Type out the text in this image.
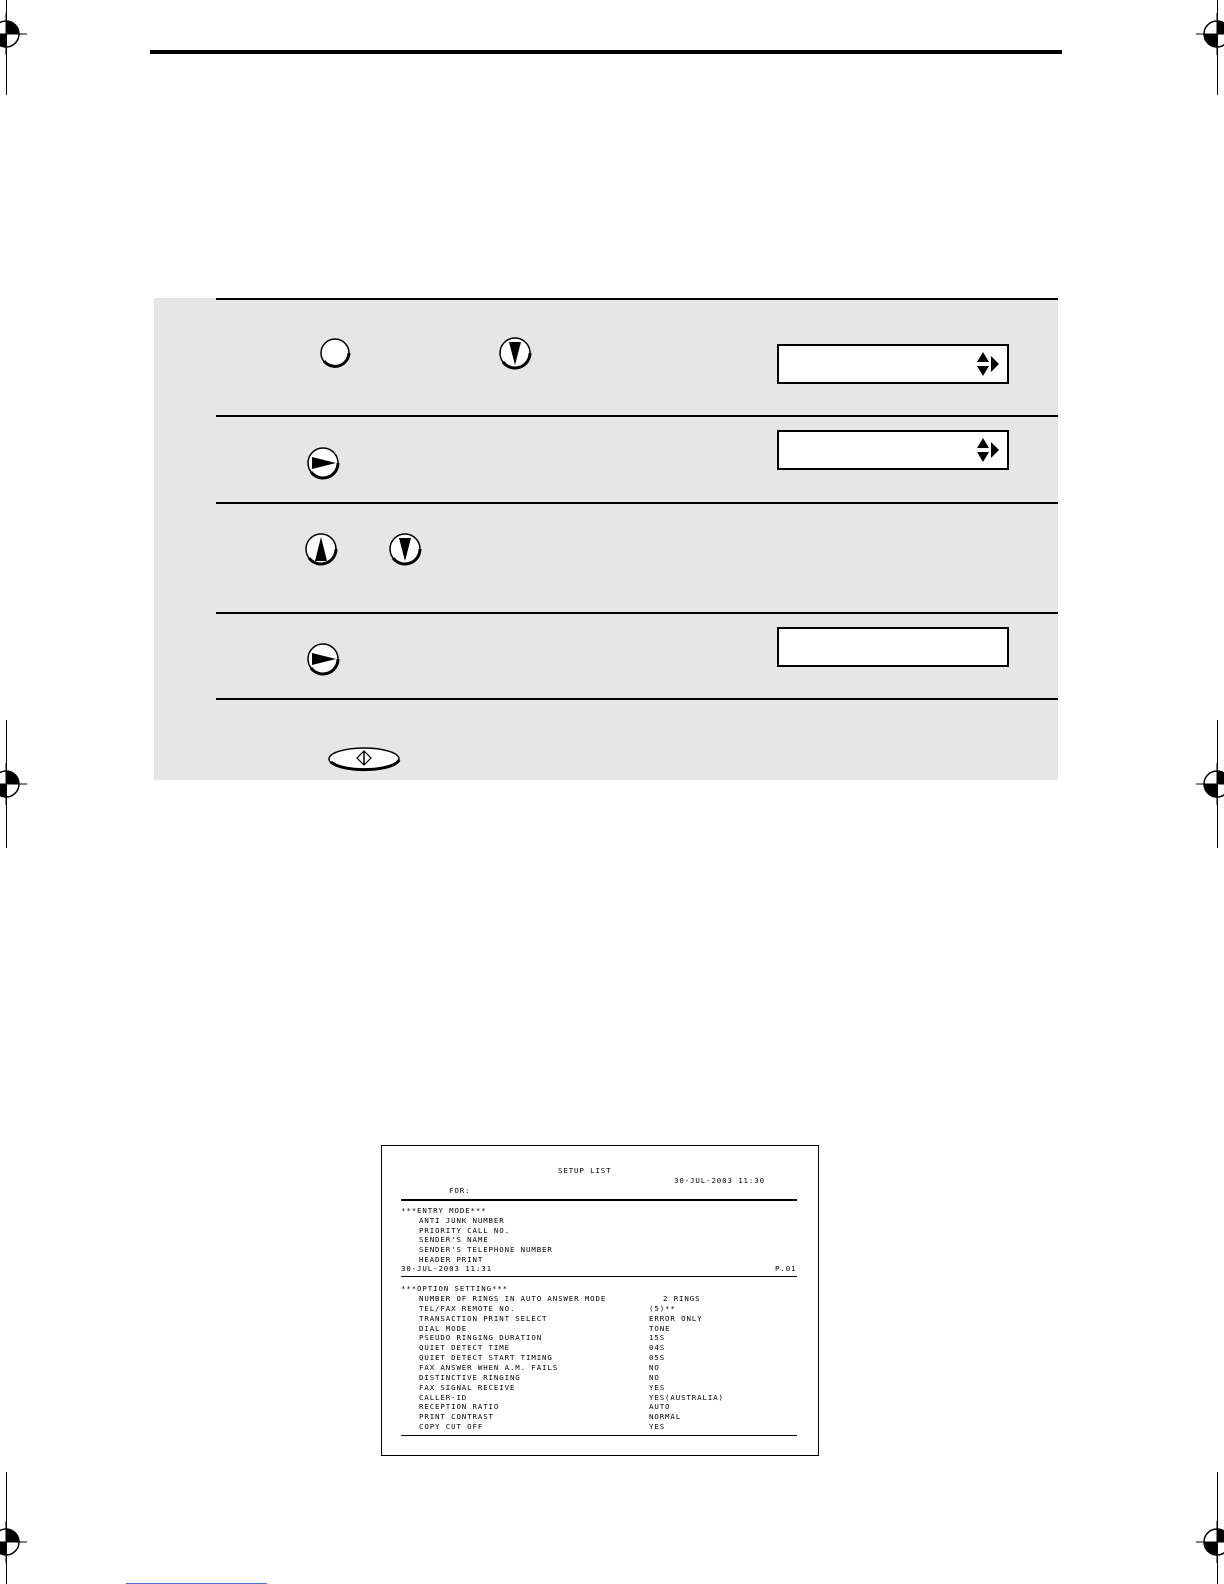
SETUP LIST
30-JUL-2003 11:30
FOR:
***ENTRY MODE***
ANTI JUNK NUMBER
PRIORITY CALL NO.
SENDER'S NAME
SENDER'S TELEPHONE NUMBER
HEADER PRINT
30-JUL-2003 11:31	P.01
***OPTION SETTING***
NUMBER OF RINGS IN AUTO ANSWER MODE	2 RINGS
TEL/FAX REMOTE NO.	(5)**
TRANSACTION PRINT SELECT	ERROR ONLY
DIAL MODE	TONE
PSEUDO RINGING DURATION	15S
QUIET DETECT TIME	04S
QUIET DETECT START TIMING	05S
FAX ANSWER WHEN A.M. FAILS	NO
DISTINCTIVE RINGING	NO
FAX SIGNAL RECEIVE	YES
CALLER-ID	YES(AUSTRALIA)
RECEPTION RATIO	AUTO
PRINT CONTRAST	NORMAL
COPY CUT OFF	YES
